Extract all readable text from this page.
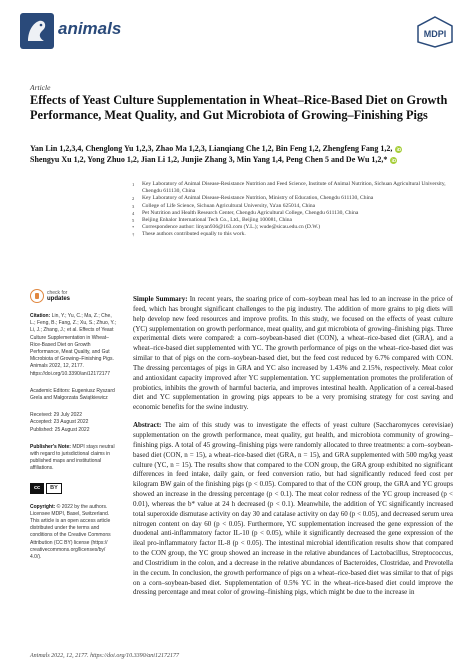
animals	MDPI
Article
Effects of Yeast Culture Supplementation in Wheat–Rice-Based Diet on Growth Performance, Meat Quality, and Gut Microbiota of Growing–Finishing Pigs
Yan Lin 1,2,3,4, Chenglong Yu 1,2,3, Zhao Ma 1,2,3, Lianqiang Che 1,2, Bin Feng 1,2, Zhengfeng Fang 1,2, iD
Shengyu Xu 1,2, Yong Zhuo 1,2, Jian Li 1,2, Junjie Zhang 3, Min Yang 1,4, Peng Chen 5 and De Wu 1,2,* iD
1	Key Laboratory of Animal Disease-Resistance Nutrition and Feed Science, Institute of Animal Nutrition, Sichuan Agricultural University, Chengdu 611130, China
2	Key Laboratory of Animal Disease-Resistance Nutrition, Ministry of Education, Chengdu 611130, China
3	College of Life Science, Sichuan Agricultural University, Ya'an 625014, China
4	Pet Nutrition and Health Research Center, Chengdu Agricultural College, Chengdu 611130, China
5	Beijing Enhalor International Tech Co., Ltd., Beijing 100081, China
*	Correspondence author: linyan936@163.com (Y.L.); wude@sicau.edu.cn (D.W.)
†	These authors contributed equally to this work.
check for
updates
Citation: Lin, Y.; Yu, C.; Ma, Z.; Che, L.; Feng, B.; Fang, Z.; Xu, S.; Zhuo, Y.; Li, J.; Zhang, J.; et al. Effects of Yeast Culture Supplementation in Wheat–Rice-Based Diet on Growth Performance, Meat Quality, and Gut Microbiota of Growing–Finishing Pigs. Animals 2022, 12, 2177. https://doi.org/10.3390/ani12172177
Academic Editors: Eugeniusz Ryszard Grela and Małgorzata Świątkiewicz
Received: 29 July 2022
Accepted: 23 August 2022
Published: 25 August 2022
Publisher's Note: MDPI stays neutral with regard to jurisdictional claims in published maps and institutional affiliations.
cc	BY
Copyright: © 2022 by the authors. Licensee MDPI, Basel, Switzerland. This article is an open access article distributed under the terms and conditions of the Creative Commons Attribution (CC BY) license (https:// creativecommons.org/licenses/by/ 4.0/).

Simple Summary: In recent years, the soaring price of corn–soybean meal has led to an increase in the price of feed, which has brought significant challenges to the pig industry. The addition of more grains to pig diets will help develop new feed resources and improve profits. In this study, we focused on the effects of yeast culture (YC) supplementation on growth performance, meat quality, and gut microbiota of growing–finishing pigs. Three experimental diets were compared: a corn–soybean-based diet (CON), a wheat–rice-based diet (GRA), and a wheat–rice-based diet supplemented with YC. The growth performance of pigs on the wheat–rice-based diet was similar to that of pigs on the corn–soybean-based diet, but the feed cost reduced by 6.7% compared with CON. The dressing percentages of pigs in GRA and YC also increased by 1.43% and 2.15%, respectively. Meat color and antioxidant capacity improved after YC supplementation. YC supplementation promotes the proliferation of probiotics, inhibits the growth of harmful bacteria, and improves intestinal health. Application of a cereal-based diet and YC supplementation in growing pigs appears to be a very promising strategy for cost saving and economic benefits for the swine industry.

Abstract: The aim of this study was to investigate the effects of yeast culture (Saccharomyces cerevisiae) supplementation on the growth performance, meat quality, gut health, and microbiota community of growing–finishing pigs. A total of 45 growing–finishing pigs were randomly allocated to three treatments: a corn–soybean-based diet (CON, n = 15), a wheat–rice-based diet (GRA, n = 15), and GRA supplemented with 500 mg/kg yeast culture (YC, n = 15). The results show that compared to the CON group, the GRA group exhibited no significant differences in feed intake, daily gain, or feed conversion ratio, but had significantly reduced feed cost per kilogram BW gain of the finishing pigs (p < 0.05). Compared to that of the CON group, the GRA and YC groups showed an increase in the dressing percentage (p < 0.1). The meat color redness of the YC group increased (p < 0.01), whereas the b* value at 24 h decreased (p < 0.1). Meanwhile, the addition of YC significantly increased total superoxide dismutase activity on day 30 and catalase activity on day 60 (p < 0.05), and decreased serum urea nitrogen content on day 60 (p < 0.05). Furthermore, YC supplementation increased the gene expression of the duodenal anti-inflammatory factor IL-10 (p < 0.05), while it significantly decreased the gene expression of the ileal pro-inflammatory factor IL-8 (p < 0.05). The intestinal microbial identification results show that compared to the CON group, the YC group showed an increase in the relative abundances of Lactobacillus, Streptococcus, and Clostridium in the colon, and a decrease in the relative abundances of Bacteroides, Clostridae, and Prevotella in the cecum. In conclusion, the growth performance of pigs on a wheat–rice-based diet was similar to that of pigs on a corn–soybean-based diet. Supplementation of 0.5% YC in the wheat–rice-based diet could improve the dressing percentage and meat color of growing–finishing pigs, which might be due to the increase in

Animals 2022, 12, 2177. https://doi.org/10.3390/ani12172177
